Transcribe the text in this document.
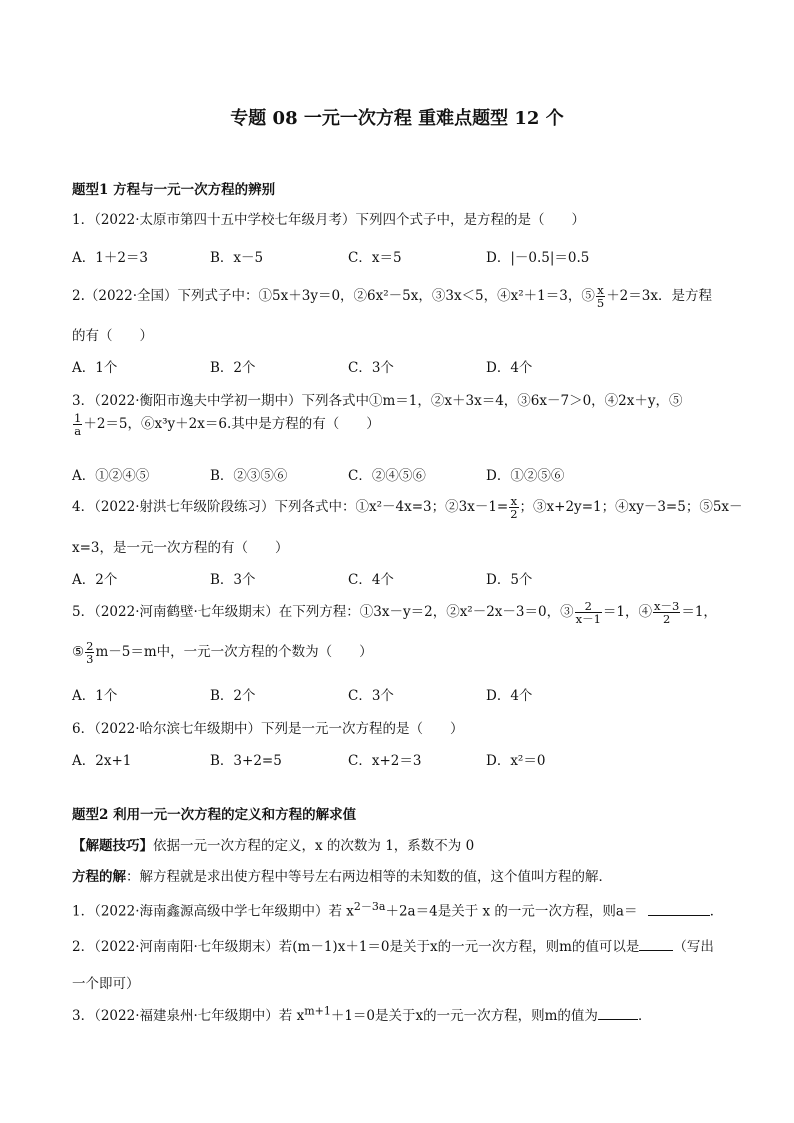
专题 08 一元一次方程 重难点题型 12 个
题型1 方程与一元一次方程的辨别
1．（2022·太原市第四十五中学校七年级月考）下列四个式子中，是方程的是（　　）
A．1＋2＝3	B．x－5	C．x＝5	D．|－0.5|＝0.5
2.（2022·全国）下列式子中：①5x＋3y＝0，②6x²－5x，③3x＜5，④x²＋1＝3，⑤ $\frac{x}{5} +2=3x$．是方程
的有（　　）
A．1个	B．2个	C．3个	D．4个
3．（2022·衡阳市逸夫中学初一期中）下列各式中①m＝1，②x＋3x＝4，③6x－7＞0，④2x＋y，⑤
$\frac{1}{a} +2=5$，⑥x³y＋2x＝6.其中是方程的有（　　）
A．①②④⑤	B．②③⑤⑥	C．②④⑤⑥	D．①②⑤⑥
4．（2022·射洪七年级阶段练习）下列各式中：①x²－4x=3；②3x－1= $\frac{x}{2}$ ；③x+2y=1；④xy－3=5；⑤5x－
x=3，是一元一次方程的有（　　）
A．2个	B．3个	C．4个	D．5个
5．（2022·河南鹤壁·七年级期末）在下列方程：①3x－y＝2，②x²－2x－3＝0，③ $\frac{2}{x-1} =1$，④ $\frac{x-3}{2} =1$，
⑤ $\frac{2}{3} m-5=m$中，一元一次方程的个数为（　　）
A．1个	B．2个	C．3个	D．4个
6．（2022·哈尔滨七年级期中）下列是一元一次方程的是（　　）
A．2x+1	B．3+2=5	C．x+2＝3	D．x²＝0
题型2 利用一元一次方程的定义和方程的解求值
【解题技巧】依据一元一次方程的定义，x 的次数为 1，系数不为 0
方程的解：解方程就是求出使方程中等号左右两边相等的未知数的值，这个值叫方程的解．
1．（2022·海南鑫源高级中学七年级期中）若 $x^{2-3a}+2a=4$是关于 x 的一元一次方程，则a＝	．
2．（2022·河南南阳·七年级期末）若(m－1)x＋1＝0是关于x的一元一次方程，则m的值可以是	（写出
一个即可）
3．（2022·福建泉州·七年级期中）若 $x^{m+1}+1=0$是关于x的一元一次方程，则m的值为	．
